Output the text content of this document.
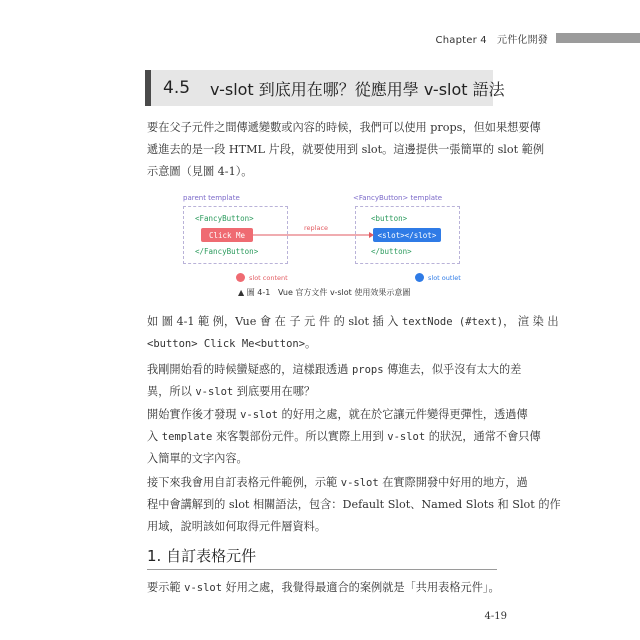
Chapter 4 元件化開發
4.5 v-slot 到底用在哪？從應用學 v-slot 語法
要在父子元件之間傳遞變數或內容的時候，我們可以使用 props，但如果想要傳
遞進去的是一段 HTML 片段，就要使用到 slot。這邊提供一張簡單的 slot 範例
示意圖（見圖 4-1）。
parent template	<FancyButton> template
<FancyButton>
Click Me
</FancyButton>
<button>
<slot></slot>
</button>
replace
slot content	slot outlet
▲ 圖 4-1 Vue 官方文件 v-slot 使用效果示意圖
如 圖 4-1 範 例，Vue 會 在 子 元 件 的 slot 插 入 textNode (#text)， 渲 染 出
<button> Click Me<button>。
我剛開始看的時候蠻疑惑的，這樣跟透過 props 傳進去，似乎沒有太大的差
異，所以 v-slot 到底要用在哪？
開始實作後才發現 v-slot 的好用之處，就在於它讓元件變得更彈性，透過傳
入 template 來客製部份元件。所以實際上用到 v-slot 的狀況，通常不會只傳
入簡單的文字內容。
接下來我會用自訂表格元件範例，示範 v-slot 在實際開發中好用的地方，過
程中會講解到的 slot 相關語法，包含：Default Slot、Named Slots 和 Slot 的作
用域，說明該如何取得元件層資料。
1. 自訂表格元件
要示範 v-slot 好用之處，我覺得最適合的案例就是「共用表格元件」。
4-19
